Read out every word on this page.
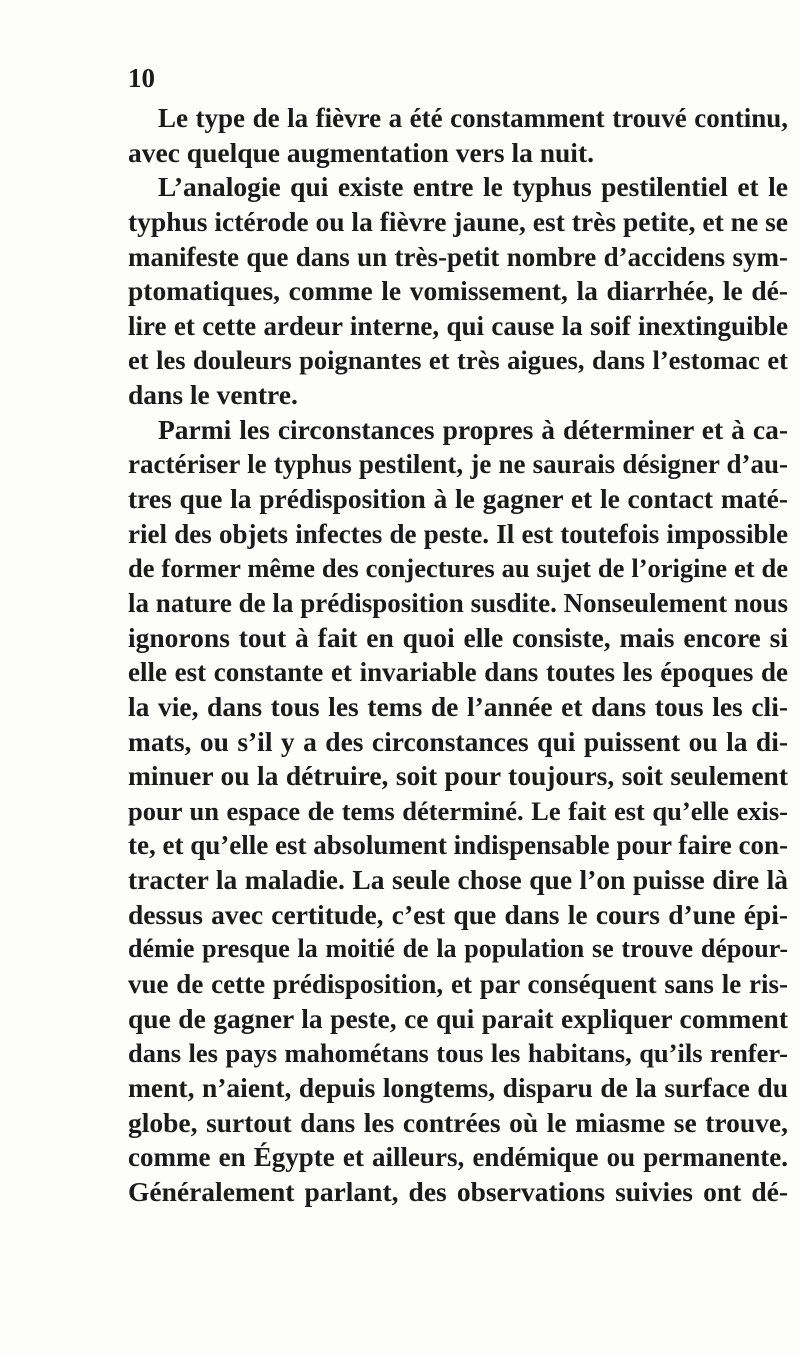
10
Le type de la fièvre a été constamment trouvé continu,
avec quelque augmentation vers la nuit.
L’analogie qui existe entre le typhus pestilentiel et le
typhus ictérode ou la fièvre jaune, est très petite, et ne se
manifeste que dans un très-petit nombre d’accidens sym-
ptomatiques, comme le vomissement, la diarrhée, le dé-
lire et cette ardeur interne, qui cause la soif inextinguible
et les douleurs poignantes et très aigues, dans l’estomac et
dans le ventre.
Parmi les circonstances propres à déterminer et à ca-
ractériser le typhus pestilent, je ne saurais désigner d’au-
tres que la prédisposition à le gagner et le contact maté-
riel des objets infectes de peste. Il est toutefois impossible
de former même des conjectures au sujet de l’origine et de
la nature de la prédisposition susdite. Nonseulement nous
ignorons tout à fait en quoi elle consiste, mais encore si
elle est constante et invariable dans toutes les époques de
la vie, dans tous les tems de l’année et dans tous les cli-
mats, ou s’il y a des circonstances qui puissent ou la di-
minuer ou la détruire, soit pour toujours, soit seulement
pour un espace de tems déterminé. Le fait est qu’elle exis-
te, et qu’elle est absolument indispensable pour faire con-
tracter la maladie. La seule chose que l’on puisse dire là
dessus avec certitude, c’est que dans le cours d’une épi-
démie presque la moitié de la population se trouve dépour-
vue de cette prédisposition, et par conséquent sans le ris-
que de gagner la peste, ce qui parait expliquer comment
dans les pays mahométans tous les habitans, qu’ils renfer-
ment, n’aient, depuis longtems, disparu de la surface du
globe, surtout dans les contrées où le miasme se trouve,
comme en Égypte et ailleurs, endémique ou permanente.
Généralement parlant, des observations suivies ont dé-
